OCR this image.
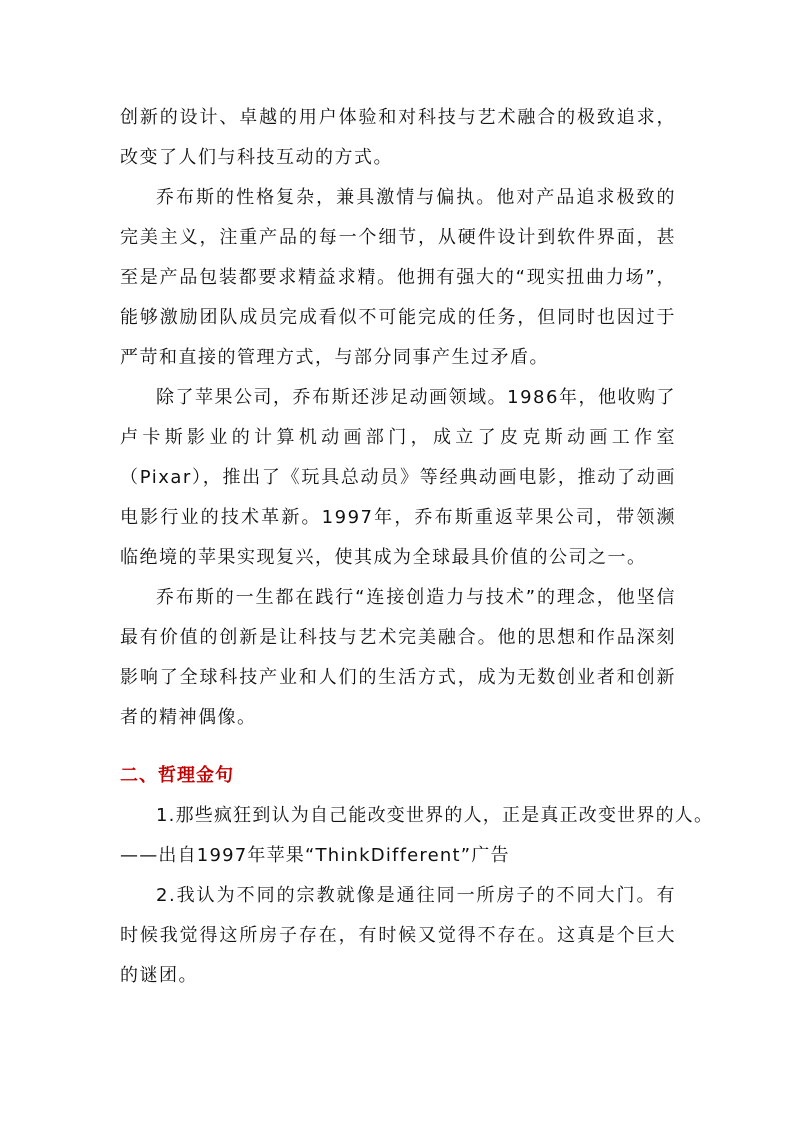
创新的设计、卓越的用户体验和对科技与艺术融合的极致追求，改变了人们与科技互动的方式。

乔布斯的性格复杂，兼具激情与偏执。他对产品追求极致的完美主义，注重产品的每一个细节，从硬件设计到软件界面，甚至是产品包装都要求精益求精。他拥有强大的“现实扭曲力场”，能够激励团队成员完成看似不可能完成的任务，但同时也因过于严苛和直接的管理方式，与部分同事产生过矛盾。

除了苹果公司，乔布斯还涉足动画领域。1986年，他收购了卢卡斯影业的计算机动画部门，成立了皮克斯动画工作室（Pixar），推出了《玩具总动员》等经典动画电影，推动了动画电影行业的技术革新。1997年，乔布斯重返苹果公司，带领濒临绝境的苹果实现复兴，使其成为全球最具价值的公司之一。

乔布斯的一生都在践行“连接创造力与技术”的理念，他坚信最有价值的创新是让科技与艺术完美融合。他的思想和作品深刻影响了全球科技产业和人们的生活方式，成为无数创业者和创新者的精神偶像。

二、哲理金句

1.那些疯狂到认为自己能改变世界的人，正是真正改变世界的人。

——出自1997年苹果“ThinkDifferent”广告

2.我认为不同的宗教就像是通往同一所房子的不同大门。有时候我觉得这所房子存在，有时候又觉得不存在。这真是个巨大的谜团。
